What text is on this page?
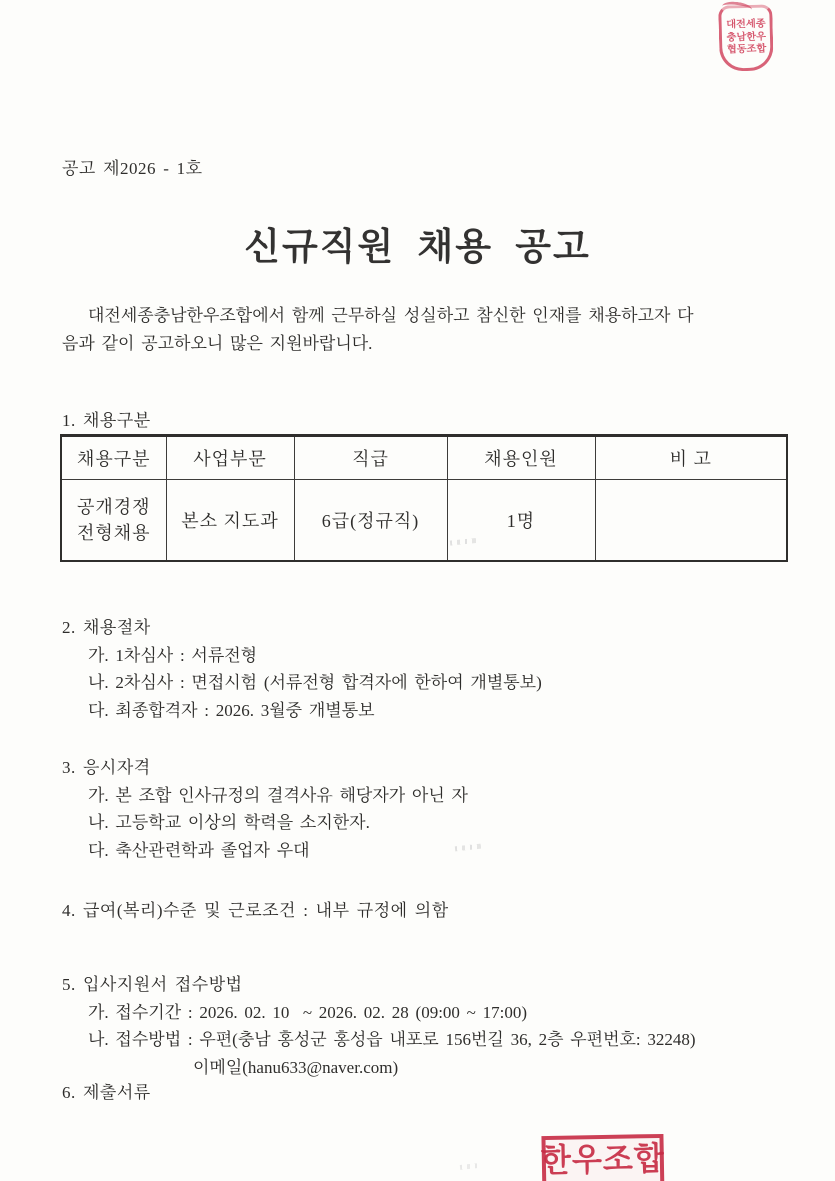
대전세종
충남한우
협동조합
공고 제2026 - 1호
신규직원 채용 공고
대전세종충남한우조합에서 함께 근무하실 성실하고 참신한 인재를 채용하고자 다
음과 같이 공고하오니 많은 지원바랍니다.
1. 채용구분
채용구분	사업부문	직급	채용인원	비 고

공개경쟁
전형채용	본소 지도과	6급(정규직)	1명	
2. 채용절차
가. 1차심사 : 서류전형
나. 2차심사 : 면접시험 (서류전형 합격자에 한하여 개별통보)
다. 최종합격자 : 2026. 3월중 개별통보
3. 응시자격
가. 본 조합 인사규정의 결격사유 해당자가 아닌 자
나. 고등학교 이상의 학력을 소지한자.
다. 축산관련학과 졸업자 우대
4. 급여(복리)수준 및 근로조건 : 내부 규정에 의함
5. 입사지원서 접수방법
가. 접수기간 : 2026. 02. 10  ~ 2026. 02. 28 (09:00 ~ 17:00)
나. 접수방법 : 우편(충남 홍성군 홍성읍 내포로 156번길 36, 2층 우편번호: 32248)
이메일(hanu633@naver.com)
6. 제출서류
한우조합
